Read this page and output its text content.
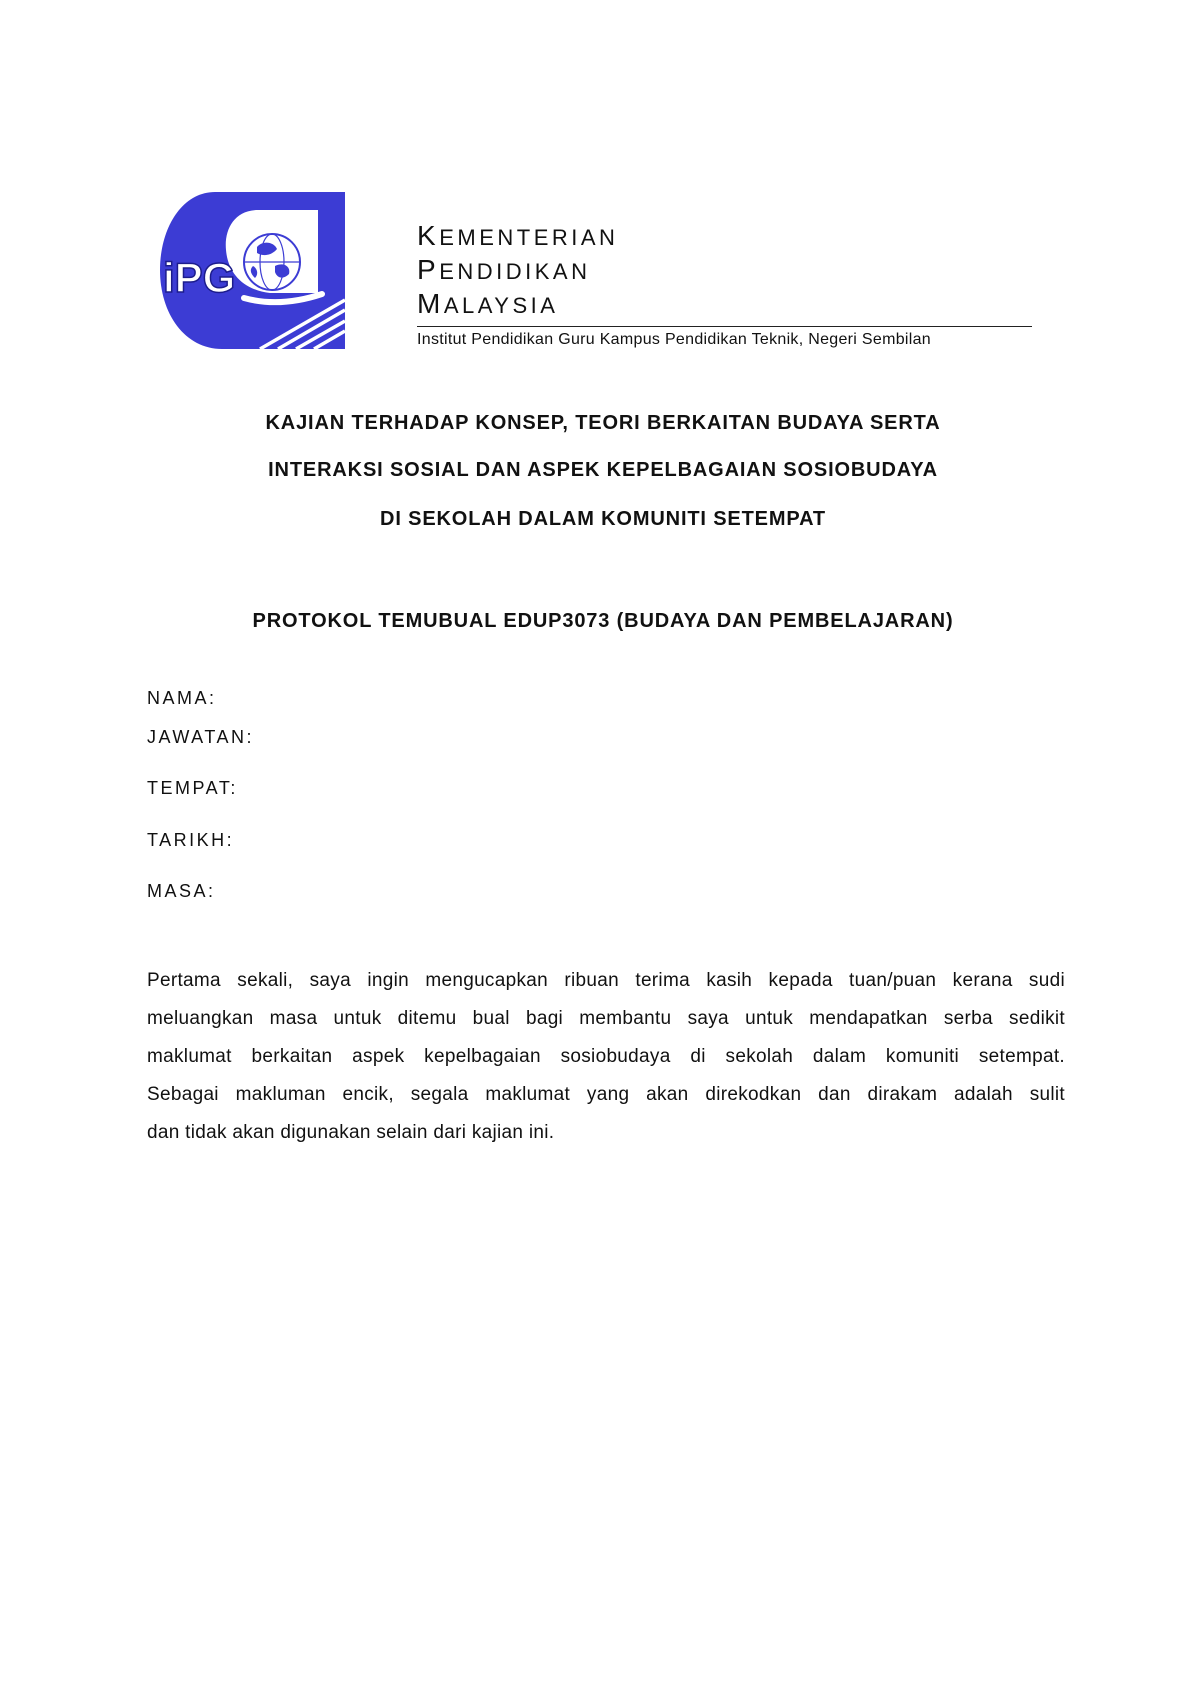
iPG
KEMENTERIAN
PENDIDIKAN
MALAYSIA
Institut Pendidikan Guru Kampus Pendidikan Teknik, Negeri Sembilan
KAJIAN TERHADAP KONSEP, TEORI BERKAITAN BUDAYA SERTA
INTERAKSI SOSIAL DAN ASPEK KEPELBAGAIAN SOSIOBUDAYA
DI SEKOLAH DALAM KOMUNITI SETEMPAT
PROTOKOL TEMUBUAL EDUP3073 (BUDAYA DAN PEMBELAJARAN)
NAMA:
JAWATAN:
TEMPAT:
TARIKH:
MASA:
Pertama sekali, saya ingin mengucapkan ribuan terima kasih kepada tuan/puan kerana sudi
meluangkan masa untuk ditemu bual bagi membantu saya untuk mendapatkan serba sedikit
maklumat berkaitan aspek kepelbagaian sosiobudaya di sekolah dalam komuniti setempat.
Sebagai makluman encik, segala maklumat yang akan direkodkan dan dirakam adalah sulit
dan tidak akan digunakan selain dari kajian ini.
